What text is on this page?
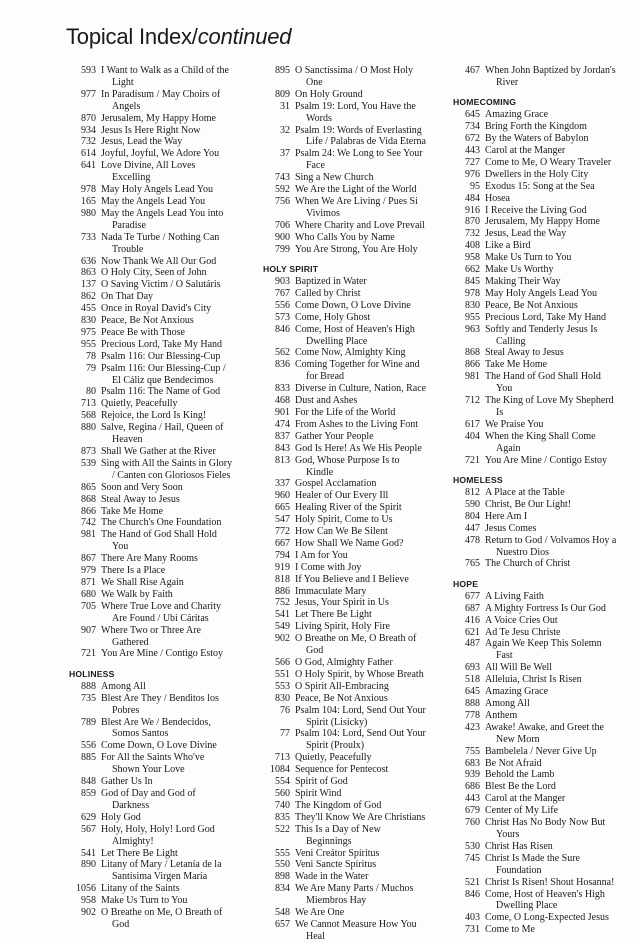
Topical Index/continued
593 I Want to Walk as a Child of the
Light
977 In Paradísum / May Choirs of
Angels
870 Jerusalem, My Happy Home
934 Jesus Is Here Right Now
732 Jesus, Lead the Way
614 Joyful, Joyful, We Adore You
641 Love Divine, All Loves
Excelling
978 May Holy Angels Lead You
165 May the Angels Lead You
980 May the Angels Lead You into
Paradise
733 Nada Te Turbe / Nothing Can
Trouble
636 Now Thank We All Our God
863 O Holy City, Seen of John
137 O Saving Victim / O Salutáris
862 On That Day
455 Once in Royal David's City
830 Peace, Be Not Anxious
975 Peace Be with Those
955 Precious Lord, Take My Hand
78 Psalm 116: Our Blessing-Cup
79 Psalm 116: Our Blessing-Cup /
El Cáliz que Bendecimos
80 Psalm 116: The Name of God
713 Quietly, Peacefully
568 Rejoice, the Lord Is King!
880 Salve, Regina / Hail, Queen of
Heaven
873 Shall We Gather at the River
539 Sing with All the Saints in Glory
/ Canten con Gloriosos Fieles
865 Soon and Very Soon
868 Steal Away to Jesus
866 Take Me Home
742 The Church's One Foundation
981 The Hand of God Shall Hold
You
867 There Are Many Rooms
979 There Is a Place
871 We Shall Rise Again
680 We Walk by Faith
705 Where True Love and Charity
Are Found / Ubi Cáritas
907 Where Two or Three Are
Gathered
721 You Are Mine / Contigo Estoy
HOLINESS
888 Among All
735 Blest Are They / Benditos los
Pobres
789 Blest Are We / Bendecidos,
Somos Santos
556 Come Down, O Love Divine
885 For All the Saints Who've
Shown Your Love
848 Gather Us In
859 God of Day and God of
Darkness
629 Holy God
567 Holy, Holy, Holy! Lord God
Almighty!
541 Let There Be Light
890 Litany of Mary / Letanía de la
Santísima Virgen María
1056 Litany of the Saints
958 Make Us Turn to You
902 O Breathe on Me, O Breath of
God
895 O Sanctíssima / O Most Holy
One
809 On Holy Ground
31 Psalm 19: Lord, You Have the
Words
32 Psalm 19: Words of Everlasting
Life / Palabras de Vida Eterna
37 Psalm 24: We Long to See Your
Face
743 Sing a New Church
592 We Are the Light of the World
756 When We Are Living / Pues Si
Vivimos
706 Where Charity and Love Prevail
900 Who Calls You by Name
799 You Are Strong, You Are Holy
HOLY SPIRIT
903 Baptized in Water
767 Called by Christ
556 Come Down, O Love Divine
573 Come, Holy Ghost
846 Come, Host of Heaven's High
Dwelling Place
562 Come Now, Almighty King
836 Coming Together for Wine and
for Bread
833 Diverse in Culture, Nation, Race
468 Dust and Ashes
901 For the Life of the World
474 From Ashes to the Living Font
837 Gather Your People
843 God Is Here! As We His People
813 God, Whose Purpose Is to
Kindle
337 Gospel Acclamation
960 Healer of Our Every Ill
665 Healing River of the Spirit
547 Holy Spirit, Come to Us
772 How Can We Be Silent
667 How Shall We Name God?
794 I Am for You
919 I Come with Joy
818 If You Believe and I Believe
886 Immaculate Mary
752 Jesus, Your Spirit in Us
541 Let There Be Light
549 Living Spirit, Holy Fire
902 O Breathe on Me, O Breath of
God
566 O God, Almighty Father
551 O Holy Spirit, by Whose Breath
553 O Spirit All-Embracing
830 Peace, Be Not Anxious
76 Psalm 104: Lord, Send Out Your
Spirit (Lisicky)
77 Psalm 104: Lord, Send Out Your
Spirit (Proulx)
713 Quietly, Peacefully
1084 Sequence for Pentecost
554 Spirit of God
560 Spirit Wind
740 The Kingdom of God
835 They'll Know We Are Christians
522 This Is a Day of New
Beginnings
555 Veni Creátor Spíritus
550 Veni Sancte Spíritus
898 Wade in the Water
834 We Are Many Parts / Muchos
Miembros Hay
548 We Are One
657 We Cannot Measure How You
Heal
467 When John Baptized by Jordan's
River
HOMECOMING
645 Amazing Grace
734 Bring Forth the Kingdom
672 By the Waters of Babylon
443 Carol at the Manger
727 Come to Me, O Weary Traveler
976 Dwellers in the Holy City
95 Exodus 15: Song at the Sea
484 Hosea
916 I Receive the Living God
870 Jerusalem, My Happy Home
732 Jesus, Lead the Way
408 Like a Bird
958 Make Us Turn to You
662 Make Us Worthy
845 Making Their Way
978 May Holy Angels Lead You
830 Peace, Be Not Anxious
955 Precious Lord, Take My Hand
963 Softly and Tenderly Jesus Is
Calling
868 Steal Away to Jesus
866 Take Me Home
981 The Hand of God Shall Hold
You
712 The King of Love My Shepherd
Is
617 We Praise You
404 When the King Shall Come
Again
721 You Are Mine / Contigo Estoy
HOMELESS
812 A Place at the Table
590 Christ, Be Our Light!
804 Here Am I
447 Jesus Comes
478 Return to God / Volvamos Hoy a
Nuestro Dios
765 The Church of Christ
HOPE
677 A Living Faith
687 A Mighty Fortress Is Our God
416 A Voice Cries Out
621 Ad Te Jesu Christe
487 Again We Keep This Solemn
Fast
693 All Will Be Well
518 Alleluia, Christ Is Risen
645 Amazing Grace
888 Among All
778 Anthem
423 Awake! Awake, and Greet the
New Morn
755 Bambelela / Never Give Up
683 Be Not Afraid
939 Behold the Lamb
686 Blest Be the Lord
443 Carol at the Manger
679 Center of My Life
760 Christ Has No Body Now But
Yours
530 Christ Has Risen
745 Christ Is Made the Sure
Foundation
521 Christ Is Risen! Shout Hosanna!
846 Come, Host of Heaven's High
Dwelling Place
403 Come, O Long-Expected Jesus
731 Come to Me
